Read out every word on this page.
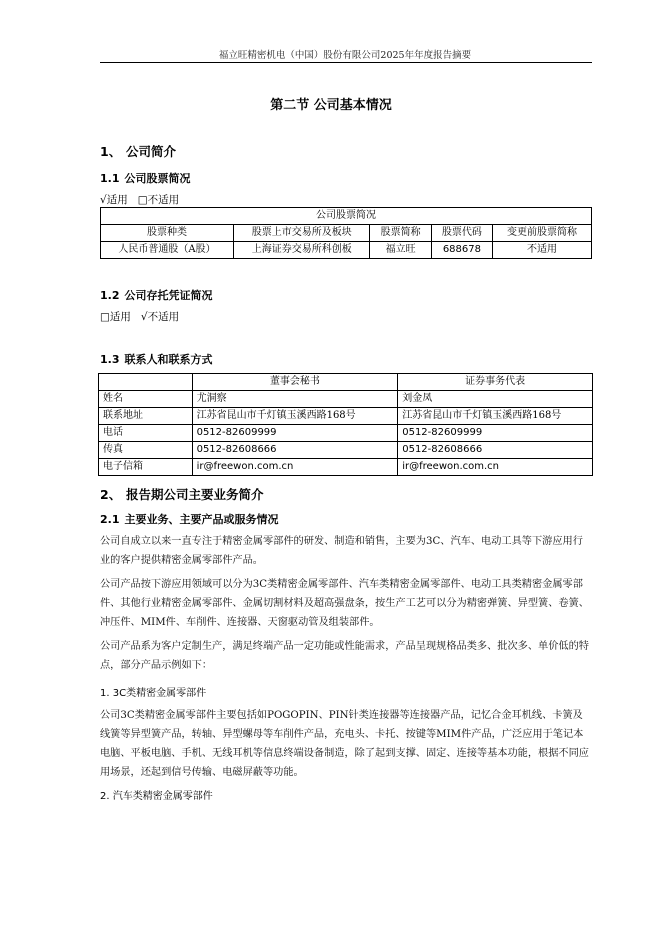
福立旺精密机电（中国）股份有限公司2025年年度报告摘要
第二节 公司基本情况
1、 公司简介
1.1 公司股票简况
√适用 □不适用
公司股票简况				
股票种类	股票上市交易所及板块	股票简称	股票代码	变更前股票简称
人民币普通股（A股）	上海证券交易所科创板	福立旺	688678	不适用
1.2 公司存托凭证简况
□适用 √不适用
1.3 联系人和联系方式
	董事会秘书	证券事务代表
姓名	尤洞察	刘金凤
联系地址	江苏省昆山市千灯镇玉溪西路168号	江苏省昆山市千灯镇玉溪西路168号
电话	0512-82609999	0512-82609999
传真	0512-82608666	0512-82608666
电子信箱	ir@freewon.com.cn	ir@freewon.com.cn
2、 报告期公司主要业务简介
2.1 主要业务、主要产品或服务情况
公司自成立以来一直专注于精密金属零部件的研发、制造和销售，主要为3C、汽车、电动工具等下游应用行业的客户提供精密金属零部件产品。
公司产品按下游应用领域可以分为3C类精密金属零部件、汽车类精密金属零部件、电动工具类精密金属零部件、其他行业精密金属零部件、金属切割材料及超高强盘条，按生产工艺可以分为精密弹簧、异型簧、卷簧、冲压件、MIM件、车削件、连接器、天窗驱动管及组装部件。
公司产品系为客户定制生产，满足终端产品一定功能或性能需求，产品呈现规格品类多、批次多、单价低的特点，部分产品示例如下：
1. 3C类精密金属零部件
公司3C类精密金属零部件主要包括如POGOPIN、PIN针类连接器等连接器产品，记忆合金耳机线、卡簧及线簧等异型簧产品，转轴、异型螺母等车削件产品，充电头、卡托、按键等MIM件产品，广泛应用于笔记本电脑、平板电脑、手机、无线耳机等信息终端设备制造，除了起到支撑、固定、连接等基本功能，根据不同应用场景，还起到信号传输、电磁屏蔽等功能。
2. 汽车类精密金属零部件
